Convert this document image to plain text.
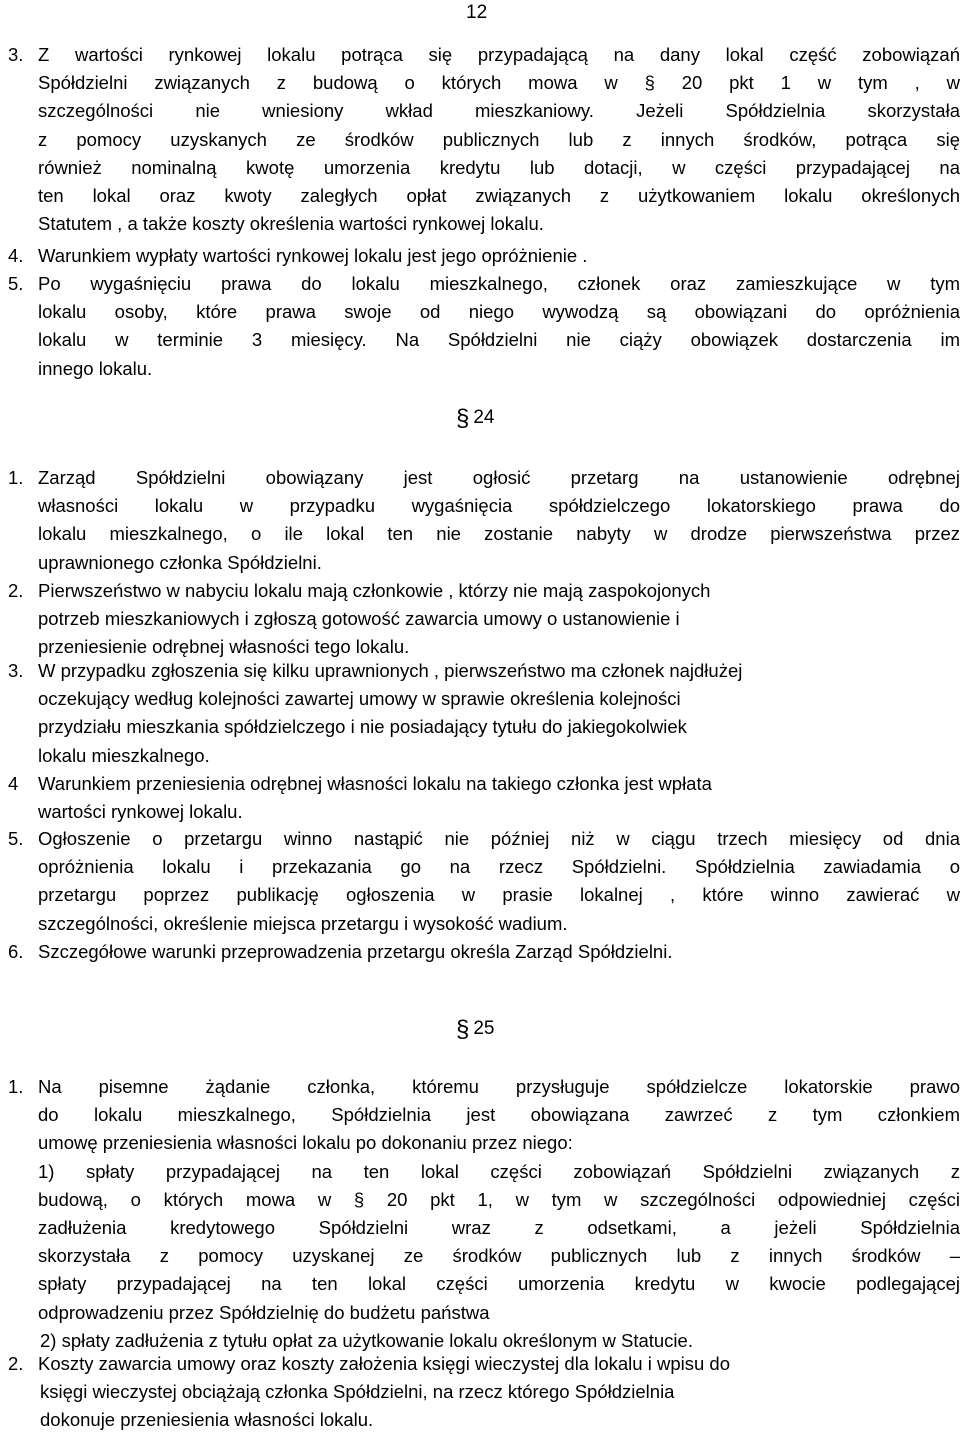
12
3. Z wartości rynkowej lokalu potrąca się przypadającą na dany lokal część zobowiązań
Spółdzielni związanych z budową o których mowa w § 20 pkt 1 w tym , w
szczególności nie wniesiony wkład mieszkaniowy. Jeżeli Spółdzielnia skorzystała
z pomocy uzyskanych ze środków publicznych lub z innych środków, potrąca się
również nominalną kwotę umorzenia kredytu lub dotacji, w części przypadającej na
ten lokal oraz kwoty zaległych opłat związanych z użytkowaniem lokalu określonych
Statutem , a także koszty określenia wartości rynkowej lokalu.
4. Warunkiem wypłaty wartości rynkowej lokalu jest jego opróżnienie .
5. Po wygaśnięciu prawa do lokalu mieszkalnego, członek oraz zamieszkujące w tym
lokalu osoby, które prawa swoje od niego wywodzą są obowiązani do opróżnienia
lokalu w terminie 3 miesięcy. Na Spółdzielni nie ciąży obowiązek dostarczenia im
innego lokalu.
§ 24
1. Zarząd Spółdzielni obowiązany jest ogłosić przetarg na ustanowienie odrębnej
własności lokalu w przypadku wygaśnięcia spółdzielczego lokatorskiego prawa do
lokalu mieszkalnego, o ile lokal ten nie zostanie nabyty w drodze pierwszeństwa przez
uprawnionego członka Spółdzielni.
2. Pierwszeństwo w nabyciu lokalu mają członkowie , którzy nie mają zaspokojonych
potrzeb mieszkaniowych i zgłoszą gotowość zawarcia umowy o ustanowienie i
przeniesienie odrębnej własności tego lokalu.
3. W przypadku zgłoszenia się kilku uprawnionych , pierwszeństwo ma członek najdłużej
oczekujący według kolejności zawartej umowy w sprawie określenia kolejności
przydziału mieszkania spółdzielczego i nie posiadający tytułu do jakiegokolwiek
lokalu mieszkalnego.
4 Warunkiem przeniesienia odrębnej własności lokalu na takiego członka jest wpłata
wartości rynkowej lokalu.
5. Ogłoszenie o przetargu winno nastąpić nie później niż w ciągu trzech miesięcy od dnia
opróżnienia lokalu i przekazania go na rzecz Spółdzielni. Spółdzielnia zawiadamia o
przetargu poprzez publikację ogłoszenia w prasie lokalnej , które winno zawierać w
szczególności, określenie miejsca przetargu i wysokość wadium.
6. Szczegółowe warunki przeprowadzenia przetargu określa Zarząd Spółdzielni.
§ 25
1. Na pisemne żądanie członka, któremu przysługuje spółdzielcze lokatorskie prawo
do lokalu mieszkalnego, Spółdzielnia jest obowiązana zawrzeć z tym członkiem
umowę przeniesienia własności lokalu po dokonaniu przez niego:
1) spłaty przypadającej na ten lokal części zobowiązań Spółdzielni związanych z
budową, o których mowa w § 20 pkt 1, w tym w szczególności odpowiedniej części
zadłużenia kredytowego Spółdzielni wraz z odsetkami, a jeżeli Spółdzielnia
skorzystała z pomocy uzyskanej ze środków publicznych lub z innych środków –
spłaty przypadającej na ten lokal części umorzenia kredytu w kwocie podlegającej
odprowadzeniu przez Spółdzielnię do budżetu państwa
2) spłaty zadłużenia z tytułu opłat za użytkowanie lokalu określonym w Statucie.
2. Koszty zawarcia umowy oraz koszty założenia księgi wieczystej dla lokalu i wpisu do
księgi wieczystej obciążają członka Spółdzielni, na rzecz którego Spółdzielnia
dokonuje przeniesienia własności lokalu.
